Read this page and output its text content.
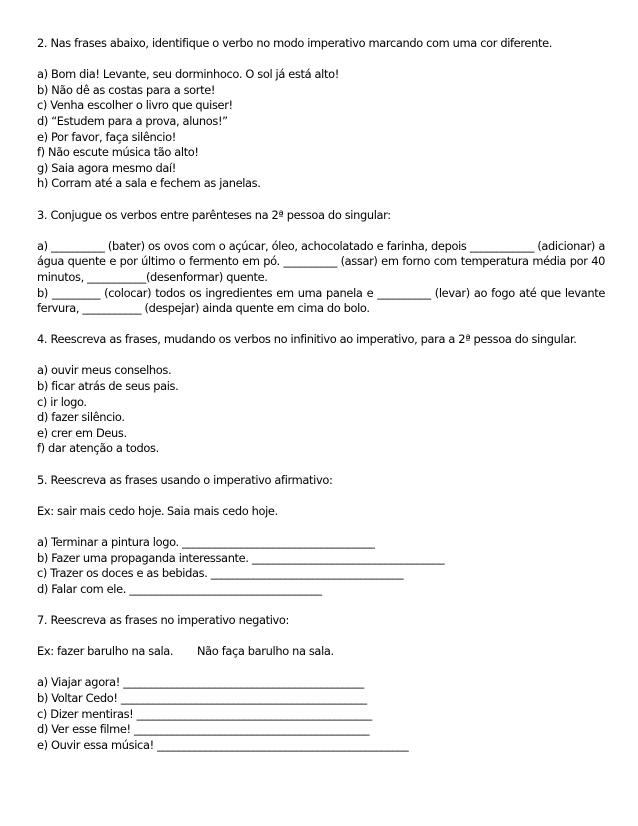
2. Nas frases abaixo, identifique o verbo no modo imperativo marcando com uma cor diferente.

a) Bom dia! Levante, seu dorminhoco. O sol já está alto!

b) Não dê as costas para a sorte!

c) Venha escolher o livro que quiser!

d) “Estudem para a prova, alunos!”

e) Por favor, faça silêncio!

f) Não escute música tão alto!

g) Saia agora mesmo daí!

h) Corram até a sala e fechem as janelas.

3. Conjugue os verbos entre parênteses na 2ª pessoa do singular:

a) __________ (bater) os ovos com o açúcar, óleo, achocolatado e farinha, depois ____________ (adicionar) a água quente e por último o fermento em pó. __________ (assar) em forno com temperatura média por 40 minutos, ___________(desenformar) quente.

b) _________ (colocar) todos os ingredientes em uma panela e __________ (levar) ao fogo até que levante fervura, ___________ (despejar) ainda quente em cima do bolo.

4. Reescreva as frases, mudando os verbos no infinitivo ao imperativo, para a 2ª pessoa do singular.

a) ouvir meus conselhos.

b) ficar atrás de seus pais.

c) ir logo.

d) fazer silêncio.

e) crer em Deus.

f) dar atenção a todos.

5. Reescreva as frases usando o imperativo afirmativo:

Ex: sair mais cedo hoje. Saia mais cedo hoje.

a) Terminar a pintura logo. ____________________________________

b) Fazer uma propaganda interessante. ____________________________________

c) Trazer os doces e as bebidas. ____________________________________

d) Falar com ele. ____________________________________

7. Reescreva as frases no imperativo negativo:

Ex: fazer barulho na sala. Não faça barulho na sala.

a) Viajar agora! _____________________________________________

b) Voltar Cedo! ______________________________________________

c) Dizer mentiras! ____________________________________________

d) Ver esse filme! ____________________________________________

e) Ouvir essa música! _______________________________________________
